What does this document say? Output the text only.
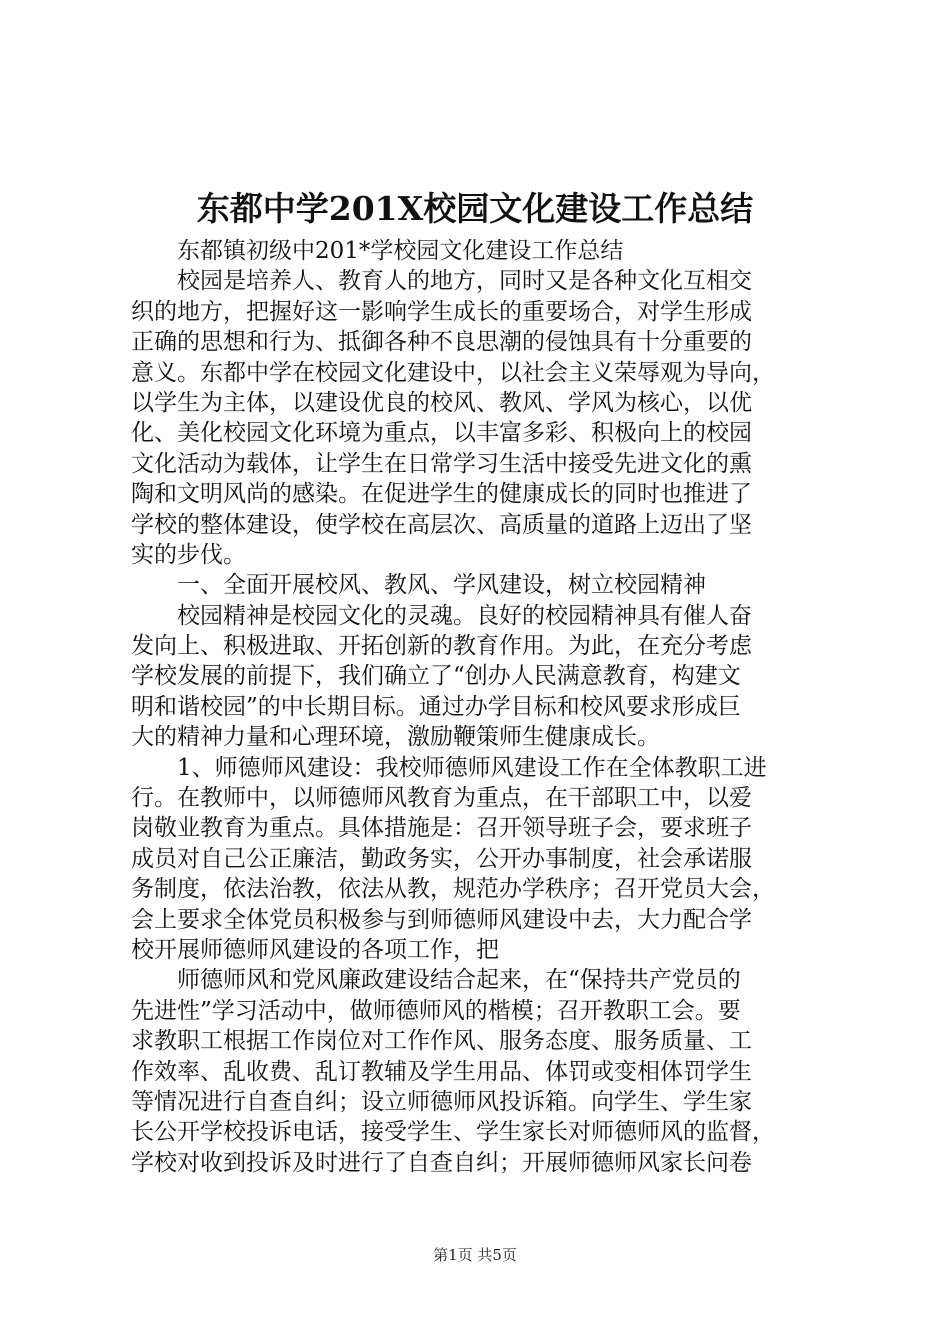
东都中学201X校园文化建设工作总结
东都镇初级中201*学校园文化建设工作总结
校园是培养人、教育人的地方，同时又是各种文化互相交
织的地方，把握好这一影响学生成长的重要场合，对学生形成
正确的思想和行为、抵御各种不良思潮的侵蚀具有十分重要的
意义。东都中学在校园文化建设中，以社会主义荣辱观为导向，
以学生为主体，以建设优良的校风、教风、学风为核心，以优
化、美化校园文化环境为重点，以丰富多彩、积极向上的校园
文化活动为载体，让学生在日常学习生活中接受先进文化的熏
陶和文明风尚的感染。在促进学生的健康成长的同时也推进了
学校的整体建设，使学校在高层次、高质量的道路上迈出了坚
实的步伐。
一、全面开展校风、教风、学风建设，树立校园精神
校园精神是校园文化的灵魂。良好的校园精神具有催人奋
发向上、积极进取、开拓创新的教育作用。为此，在充分考虑
学校发展的前提下，我们确立了“创办人民满意教育，构建文
明和谐校园”的中长期目标。通过办学目标和校风要求形成巨
大的精神力量和心理环境，激励鞭策师生健康成长。
1、师德师风建设：我校师德师风建设工作在全体教职工进
行。在教师中，以师德师风教育为重点，在干部职工中，以爱
岗敬业教育为重点。具体措施是：召开领导班子会，要求班子
成员对自己公正廉洁，勤政务实，公开办事制度，社会承诺服
务制度，依法治教，依法从教，规范办学秩序；召开党员大会，
会上要求全体党员积极参与到师德师风建设中去，大力配合学
校开展师德师风建设的各项工作，把
师德师风和党风廉政建设结合起来，在“保持共产党员的
先进性”学习活动中，做师德师风的楷模；召开教职工会。要
求教职工根据工作岗位对工作作风、服务态度、服务质量、工
作效率、乱收费、乱订教辅及学生用品、体罚或变相体罚学生
等情况进行自查自纠；设立师德师风投诉箱。向学生、学生家
长公开学校投诉电话，接受学生、学生家长对师德师风的监督，
学校对收到投诉及时进行了自查自纠；开展师德师风家长问卷
第1页 共5页
